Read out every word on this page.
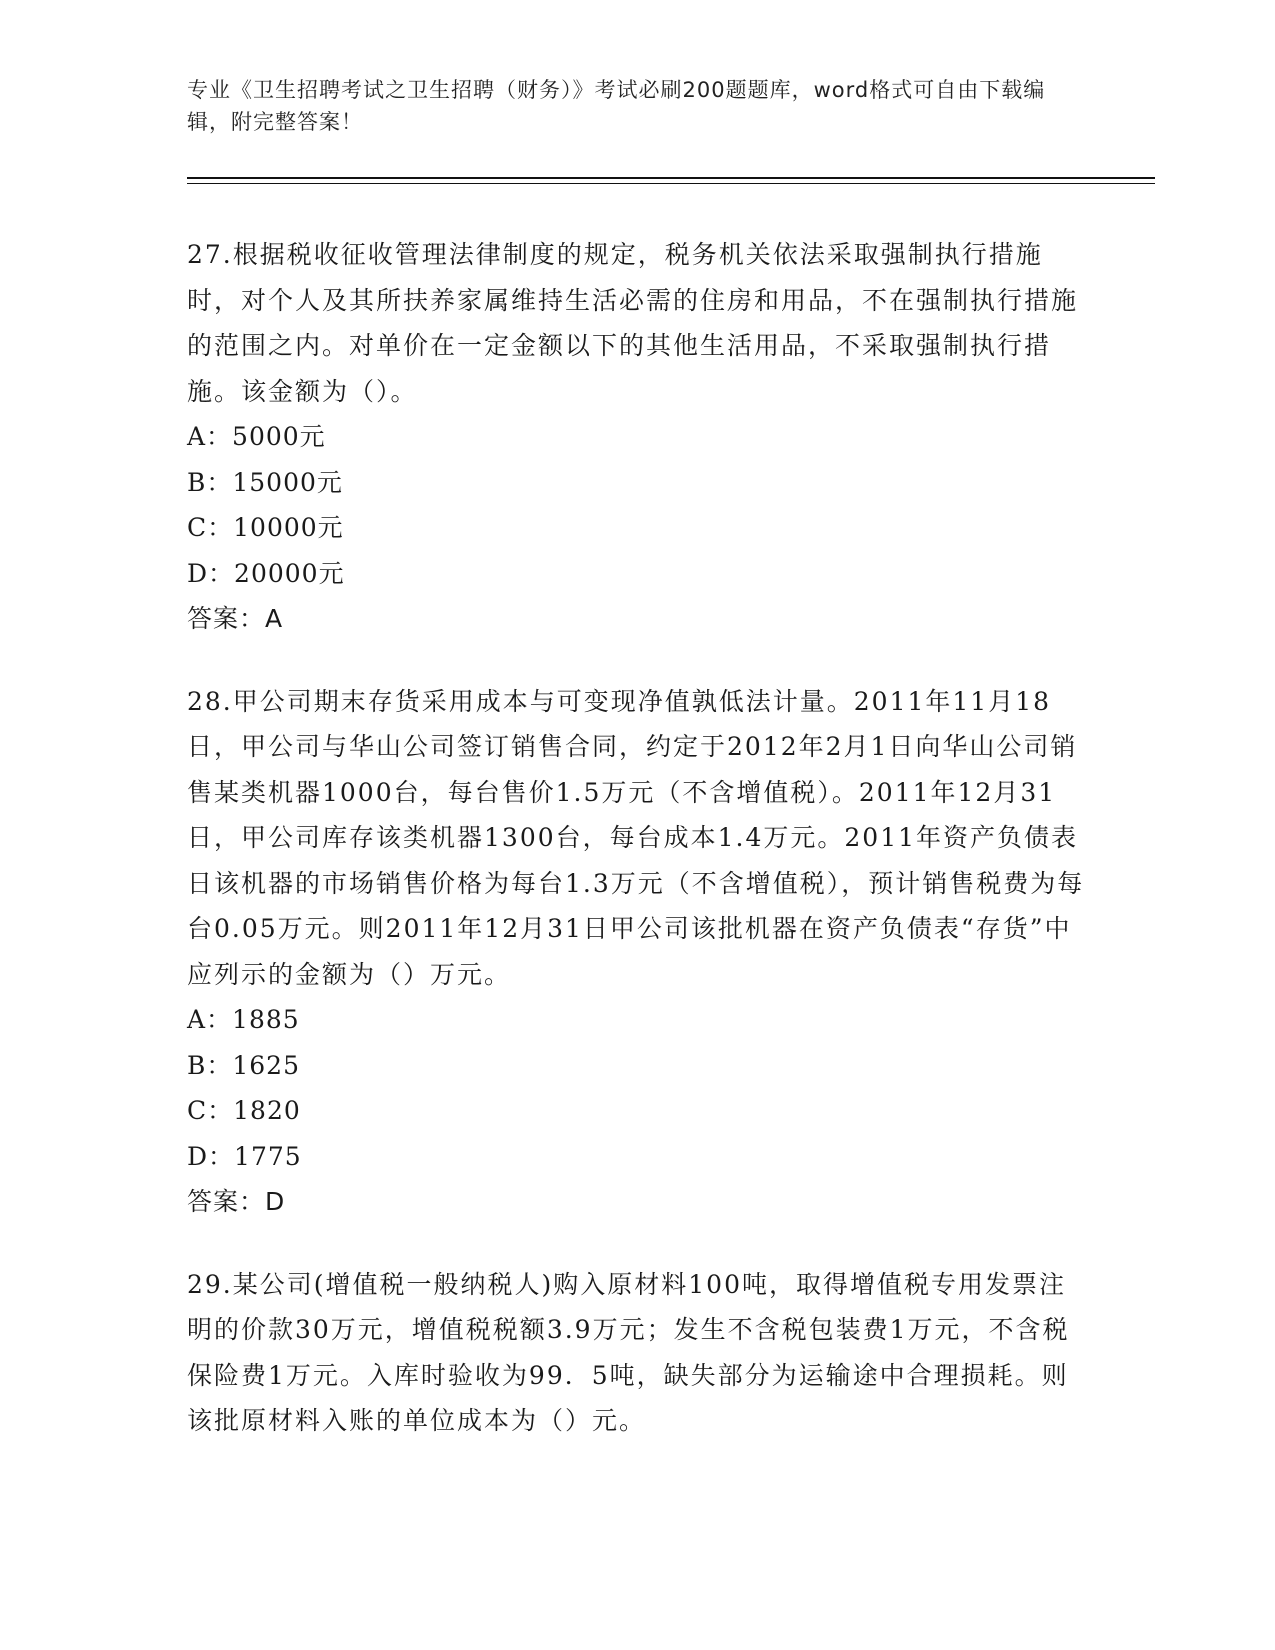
专业《卫生招聘考试之卫生招聘（财务）》考试必刷200题题库，word格式可自由下载编辑，附完整答案！

27.根据税收征收管理法律制度的规定，税务机关依法采取强制执行措施时，对个人及其所扶养家属维持生活必需的住房和用品，不在强制执行措施的范围之内。对单价在一定金额以下的其他生活用品，不采取强制执行措施。该金额为（）。

A：5000元

B：15000元

C：10000元

D：20000元

答案：A

28.甲公司期末存货采用成本与可变现净值孰低法计量。2011年11月18日，甲公司与华山公司签订销售合同，约定于2012年2月1日向华山公司销售某类机器1000台，每台售价1.5万元（不含增值税）。2011年12月31日，甲公司库存该类机器1300台，每台成本1.4万元。2011年资产负债表日该机器的市场销售价格为每台1.3万元（不含增值税），预计销售税费为每台0.05万元。则2011年12月31日甲公司该批机器在资产负债表“存货”中应列示的金额为（）万元。

A：1885

B：1625

C：1820

D：1775

答案：D

29.某公司(增值税一般纳税人)购入原材料100吨，取得增值税专用发票注明的价款30万元，增值税税额3.9万元；发生不含税包装费1万元，不含税保险费1万元。入库时验收为99．5吨，缺失部分为运输途中合理损耗。则该批原材料入账的单位成本为（）元。
